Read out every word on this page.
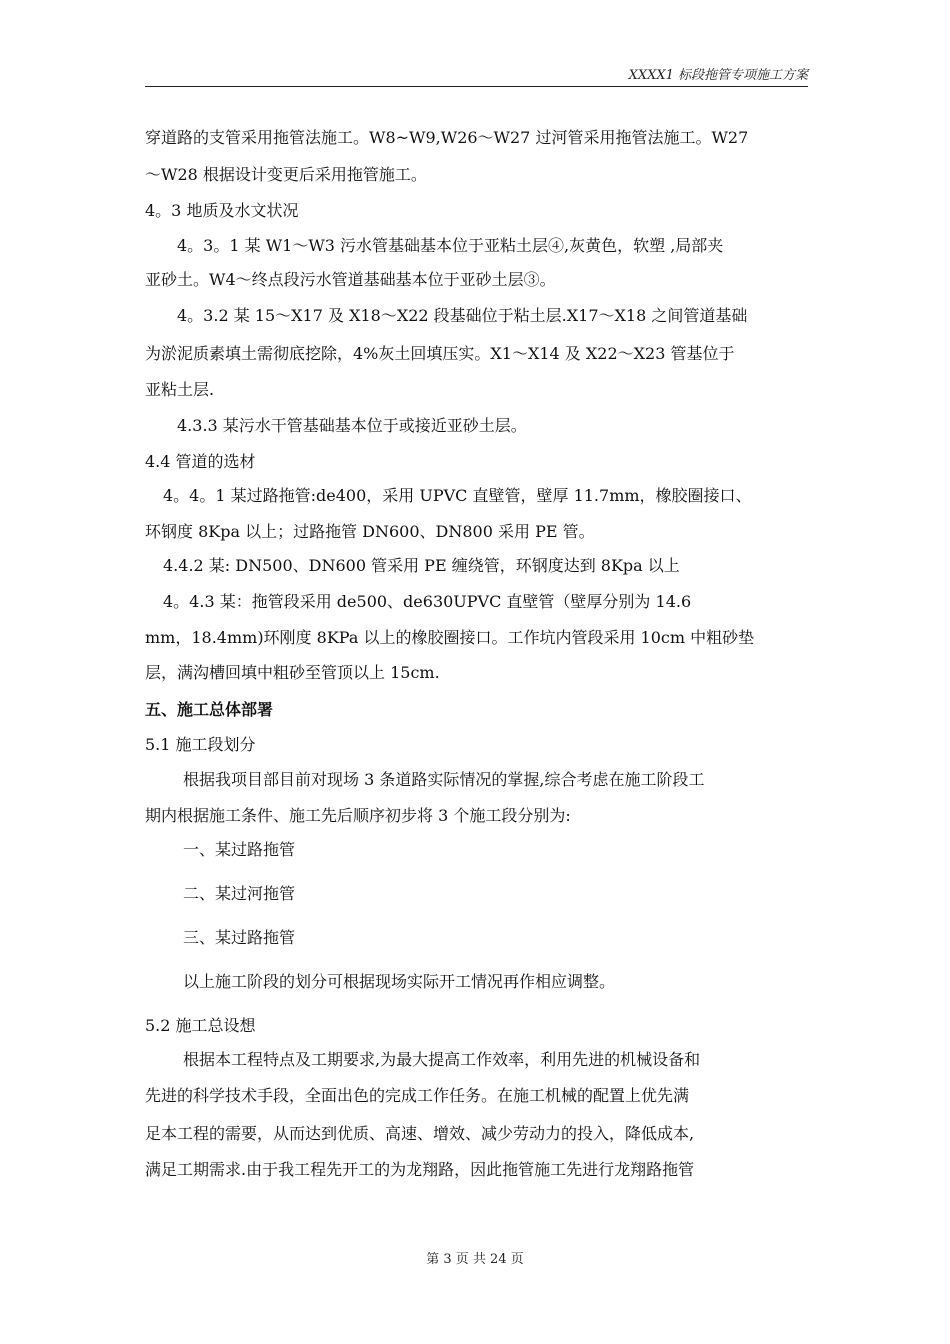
XXXX1 标段拖管专项施工方案
穿道路的支管采用拖管法施工。W8~W9,W26～W27 过河管采用拖管法施工。W27
～W28 根据设计变更后采用拖管施工。
4。3 地质及水文状况
4。3。1 某 W1～W3 污水管基础基本位于亚粘土层④,灰黄色，软塑 ,局部夹
亚砂土。W4～终点段污水管道基础基本位于亚砂土层③。
4。3.2 某 15～X17 及 X18～X22 段基础位于粘土层.X17～X18 之间管道基础
为淤泥质素填土需彻底挖除，4%灰土回填压实。X1～X14 及 X22～X23 管基位于
亚粘土层.
4.3.3 某污水干管基础基本位于或接近亚砂土层。
4.4 管道的选材
4。4。1 某过路拖管:de400，采用 UPVC 直壁管，壁厚 11.7mm，橡胶圈接口、
环钢度 8Kpa 以上；过路拖管 DN600、DN800 采用 PE 管。
4.4.2 某: DN500、DN600 管采用 PE 缠绕管，环钢度达到 8Kpa 以上
4。4.3 某：拖管段采用 de500、de630UPVC 直壁管（壁厚分别为 14.6
mm，18.4mm)环刚度 8KPa 以上的橡胶圈接口。工作坑内管段采用 10cm 中粗砂垫
层，满沟槽回填中粗砂至管顶以上 15cm.
五、施工总体部署
5.1 施工段划分
根据我项目部目前对现场 3 条道路实际情况的掌握,综合考虑在施工阶段工
期内根据施工条件、施工先后顺序初步将 3 个施工段分别为:
一、某过路拖管
二、某过河拖管
三、某过路拖管
以上施工阶段的划分可根据现场实际开工情况再作相应调整。
5.2 施工总设想
根据本工程特点及工期要求,为最大提高工作效率，利用先进的机械设备和
先进的科学技术手段，全面出色的完成工作任务。在施工机械的配置上优先满
足本工程的需要，从而达到优质、高速、增效、减少劳动力的投入，降低成本,
满足工期需求.由于我工程先开工的为龙翔路，因此拖管施工先进行龙翔路拖管
第 3 页 共 24 页
